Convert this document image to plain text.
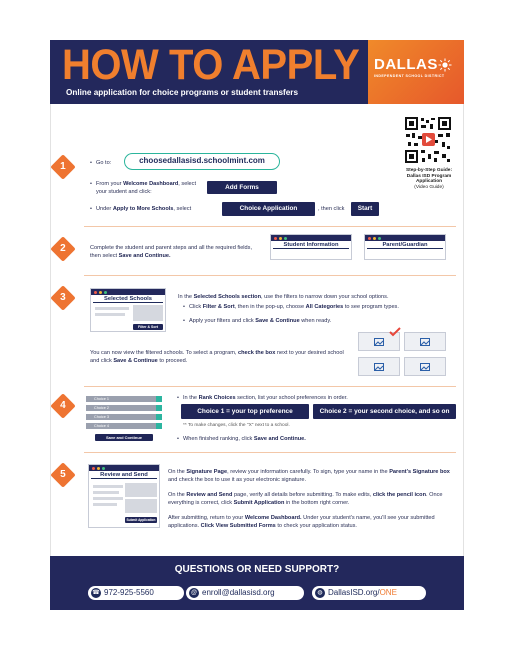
HOW TO APPLY
Online application for choice programs or student transfers
DALLAS
INDEPENDENT SCHOOL DISTRICT
Step-by-Step Guide: Dallas ISD Program Application
(Video Guide)
1
•	Go to:	choosedallasisd.schoolmint.com
• From your Welcome Dashboard, select your student and click:
Add Forms
• Under Apply to More Schools, select	Choice Application	, then click	Start
2	Complete the student and parent steps and all the required fields, then select Save and Continue.
Student Information	Parent/Guardian
3	Selected Schools
Filter & Sort
In the Selected Schools section, use the filters to narrow down your school options.
• Click Filter & Sort, then in the pop-up, choose All Categories to see program types.
• Apply your filters and click Save & Continue when ready.
You can now view the filtered schools. To select a program, check the box next to your desired school and click Save & Continue to proceed.
4
Choice 1
Choice 2
Choice 3
Choice 4
Save and Continue
• In the Rank Choices section, list your school preferences in order.
Choice 1 = your top preference	Choice 2 = your second choice, and so on
** To make changes, click the "X" next to a school.
• When finished ranking, click Save and Continue.
5	Review and Send
Submit Application
On the Signature Page, review your information carefully. To sign, type your name in the Parent's Signature box and check the box to use it as your electronic signature.
On the Review and Send page, verify all details before submitting. To make edits, click the pencil icon. Once everything is correct, click Submit Application in the bottom right corner.
After submitting, return to your Welcome Dashboard. Under your student's name, you'll see your submitted applications. Click View Submitted Forms to check your application status.
QUESTIONS OR NEED SUPPORT?
☎ 972-925-5560	@ enroll@dallasisd.org	◍ DallasISD.org/ONE
